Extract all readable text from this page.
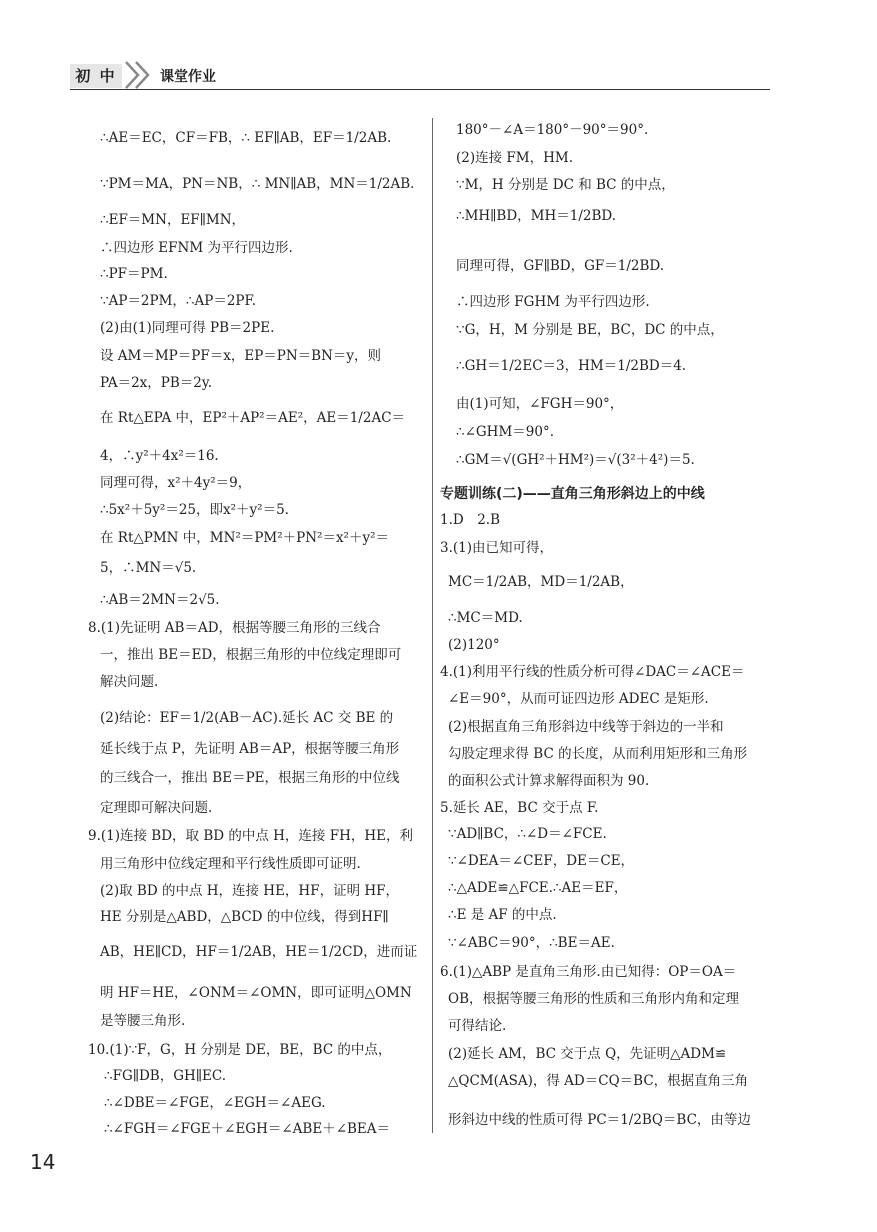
初 中	课堂作业
∴AE＝EC，CF＝FB，∴ EF∥AB，EF＝1/2AB.
∵PM＝MA，PN＝NB，∴ MN∥AB，MN＝1/2AB.
∴EF＝MN，EF∥MN，
∴四边形 EFNM 为平行四边形.
∴PF＝PM.
∵AP＝2PM，∴AP＝2PF.
(2)由(1)同理可得 PB＝2PE.
设 AM＝MP＝PF＝x，EP＝PN＝BN＝y，则
PA＝2x，PB＝2y.
在 Rt△EPA 中，EP²＋AP²＝AE²，AE＝1/2AC＝
4，∴y²＋4x²＝16.
同理可得，x²＋4y²＝9，
∴5x²＋5y²＝25，即x²＋y²＝5.
在 Rt△PMN 中，MN²＝PM²＋PN²＝x²＋y²＝
5，∴MN＝√5.
∴AB＝2MN＝2√5.
8.(1)先证明 AB＝AD，根据等腰三角形的三线合
一，推出 BE＝ED，根据三角形的中位线定理即可
解决问题.
(2)结论：EF＝1/2(AB－AC).延长 AC 交 BE 的
延长线于点 P，先证明 AB＝AP，根据等腰三角形
的三线合一，推出 BE＝PE，根据三角形的中位线
定理即可解决问题.
9.(1)连接 BD，取 BD 的中点 H，连接 FH，HE，利
用三角形中位线定理和平行线性质即可证明.
(2)取 BD 的中点 H，连接 HE，HF，证明 HF，
HE 分别是△ABD，△BCD 的中位线，得到HF∥
AB，HE∥CD，HF＝1/2AB，HE＝1/2CD，进而证
明 HF＝HE，∠ONM＝∠OMN，即可证明△OMN
是等腰三角形.
10.(1)∵F，G，H 分别是 DE，BE，BC 的中点，
∴FG∥DB，GH∥EC.
∴∠DBE＝∠FGE，∠EGH＝∠AEG.
∴∠FGH＝∠FGE＋∠EGH＝∠ABE＋∠BEA＝
180°－∠A＝180°－90°＝90°.
(2)连接 FM，HM.
∵M，H 分别是 DC 和 BC 的中点，
∴MH∥BD，MH＝1/2BD.
同理可得，GF∥BD，GF＝1/2BD.
∴四边形 FGHM 为平行四边形.
∵G，H，M 分别是 BE，BC，DC 的中点，
∴GH＝1/2EC＝3，HM＝1/2BD＝4.
由(1)可知，∠FGH＝90°，
∴∠GHM＝90°.
∴GM＝√(GH²＋HM²)＝√(3²＋4²)＝5.
专题训练(二)——直角三角形斜边上的中线
1.D　2.B
3.(1)由已知可得，
MC＝1/2AB，MD＝1/2AB，
∴MC＝MD.
(2)120°
4.(1)利用平行线的性质分析可得∠DAC＝∠ACE＝
∠E＝90°，从而可证四边形 ADEC 是矩形.
(2)根据直角三角形斜边中线等于斜边的一半和
勾股定理求得 BC 的长度，从而利用矩形和三角形
的面积公式计算求解得面积为 90.
5.延长 AE，BC 交于点 F.
∵AD∥BC，∴∠D＝∠FCE.
∵∠DEA＝∠CEF，DE＝CE，
∴△ADE≌△FCE.∴AE＝EF，
∴E 是 AF 的中点.
∵∠ABC＝90°，∴BE＝AE.
6.(1)△ABP 是直角三角形.由已知得：OP＝OA＝
OB，根据等腰三角形的性质和三角形内角和定理
可得结论.
(2)延长 AM，BC 交于点 Q，先证明△ADM≌
△QCM(ASA)，得 AD＝CQ＝BC，根据直角三角
形斜边中线的性质可得 PC＝1/2BQ＝BC，由等边
14
